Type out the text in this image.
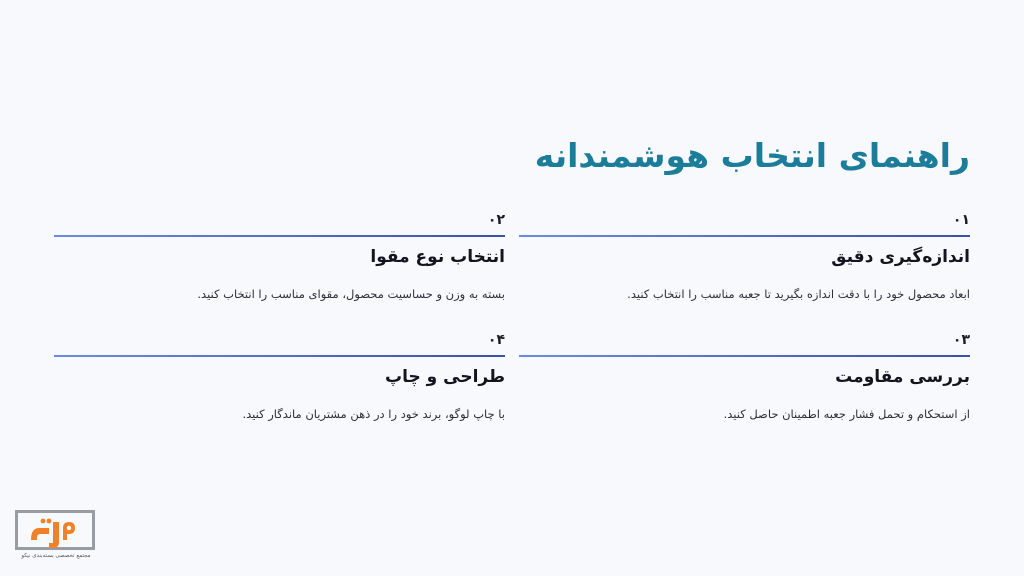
راهنمای انتخاب هوشمندانه
۰۱
اندازه‌گیری دقیق
ابعاد محصول خود را با دقت اندازه بگیرید تا جعبه مناسب را انتخاب کنید.
۰۲
انتخاب نوع مقوا
بسته به وزن و حساسیت محصول، مقوای مناسب را انتخاب کنید.
۰۳
بررسی مقاومت
از استحکام و تحمل فشار جعبه اطمینان حاصل کنید.
۰۴
طراحی و چاپ
با چاپ لوگو، برند خود را در ذهن مشتریان ماندگار کنید.
مجتمع تخصصی بسته‌بندی نیکو
